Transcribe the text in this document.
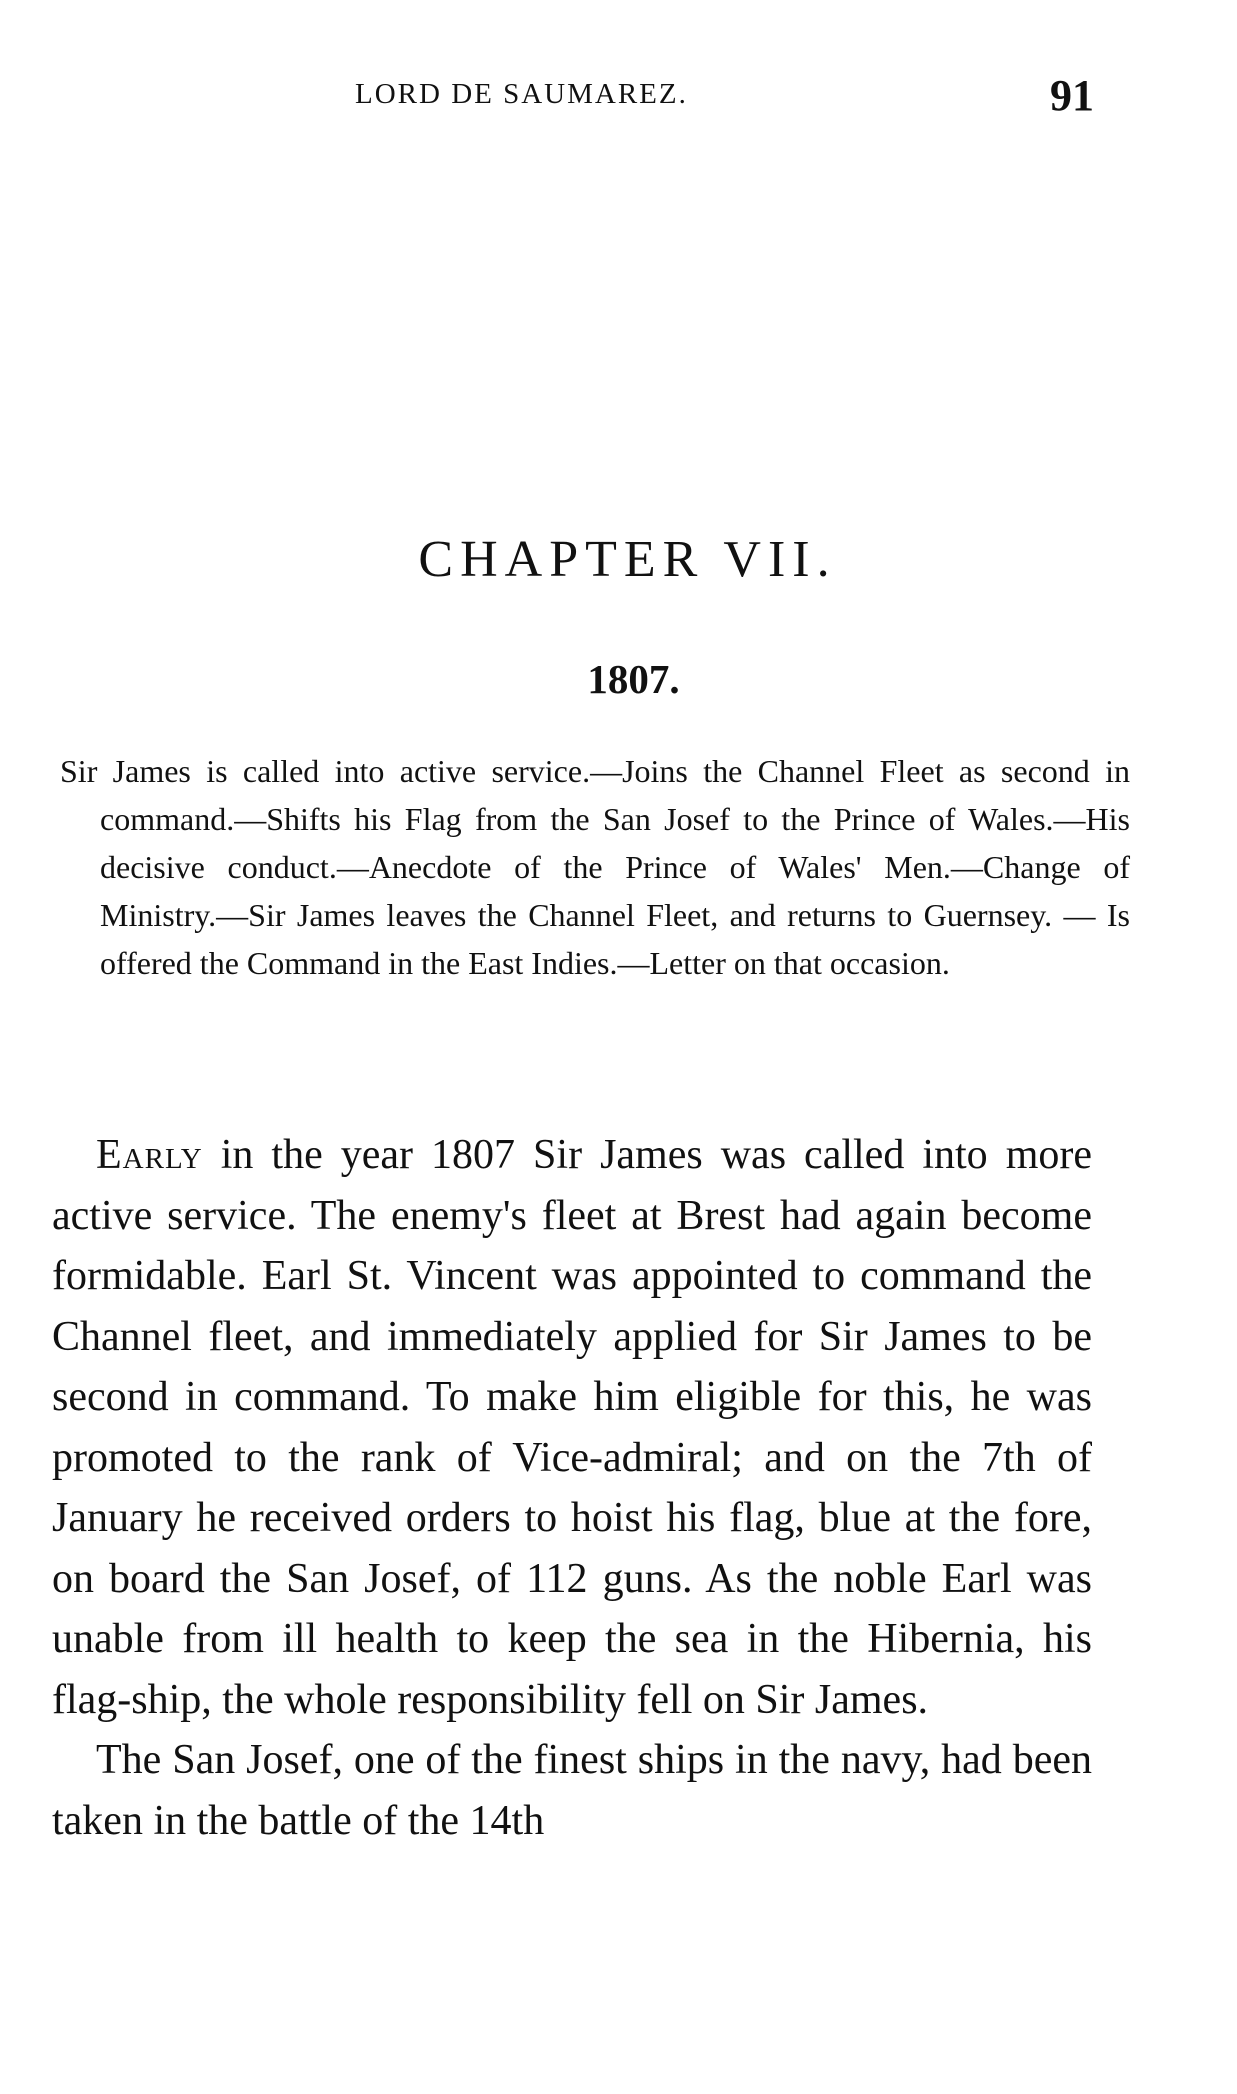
LORD DE SAUMAREZ.	91
CHAPTER VII.
1807.
Sir James is called into active service.—Joins the Channel Fleet as second in command.—Shifts his Flag from the San Josef to the Prince of Wales.—His decisive conduct.—Anecdote of the Prince of Wales' Men.—Change of Ministry.—Sir James leaves the Channel Fleet, and returns to Guernsey. — Is offered the Command in the East Indies.—Letter on that occasion.

Early in the year 1807 Sir James was called into more active service. The enemy's fleet at Brest had again become formidable. Earl St. Vincent was appointed to command the Channel fleet, and immediately applied for Sir James to be second in command. To make him eligible for this, he was promoted to the rank of Vice-admiral; and on the 7th of January he received orders to hoist his flag, blue at the fore, on board the San Josef, of 112 guns. As the noble Earl was unable from ill health to keep the sea in the Hibernia, his flag-ship, the whole responsibility fell on Sir James.

The San Josef, one of the finest ships in the navy, had been taken in the battle of the 14th
